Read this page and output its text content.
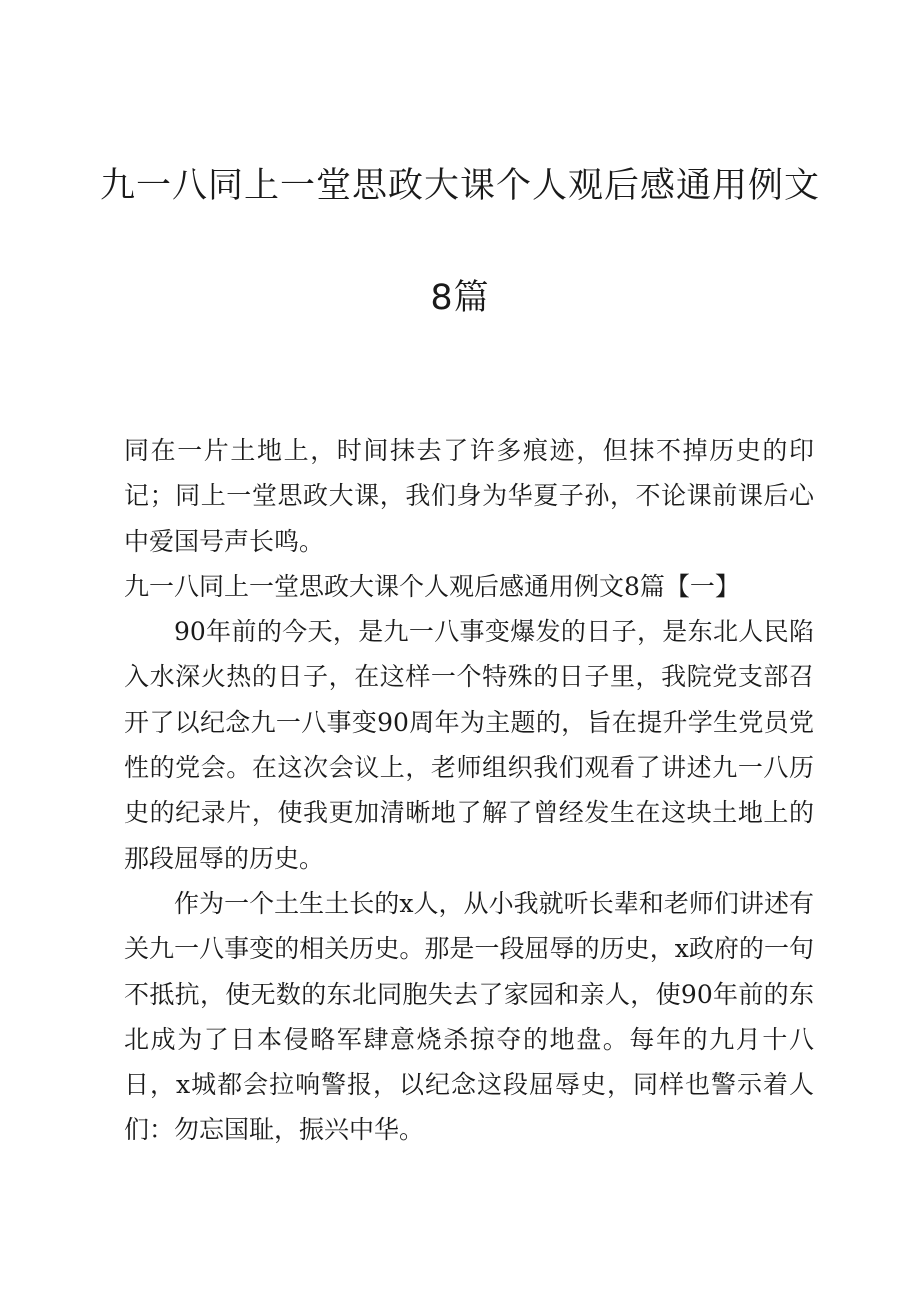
九一八同上一堂思政大课个人观后感通用例文
8篇

同在一片土地上，时间抹去了许多痕迹，但抹不掉历史的印记；同上一堂思政大课，我们身为华夏子孙，不论课前课后心中爱国号声长鸣。

九一八同上一堂思政大课个人观后感通用例文8篇【一】

90年前的今天，是九一八事变爆发的日子，是东北人民陷入水深火热的日子，在这样一个特殊的日子里，我院党支部召开了以纪念九一八事变90周年为主题的，旨在提升学生党员党性的党会。在这次会议上，老师组织我们观看了讲述九一八历史的纪录片，使我更加清晰地了解了曾经发生在这块土地上的那段屈辱的历史。

作为一个土生土长的x人，从小我就听长辈和老师们讲述有关九一八事变的相关历史。那是一段屈辱的历史，x政府的一句不抵抗，使无数的东北同胞失去了家园和亲人，使90年前的东北成为了日本侵略军肆意烧杀掠夺的地盘。每年的九月十八日，x城都会拉响警报，以纪念这段屈辱史，同样也警示着人们：勿忘国耻，振兴中华。
